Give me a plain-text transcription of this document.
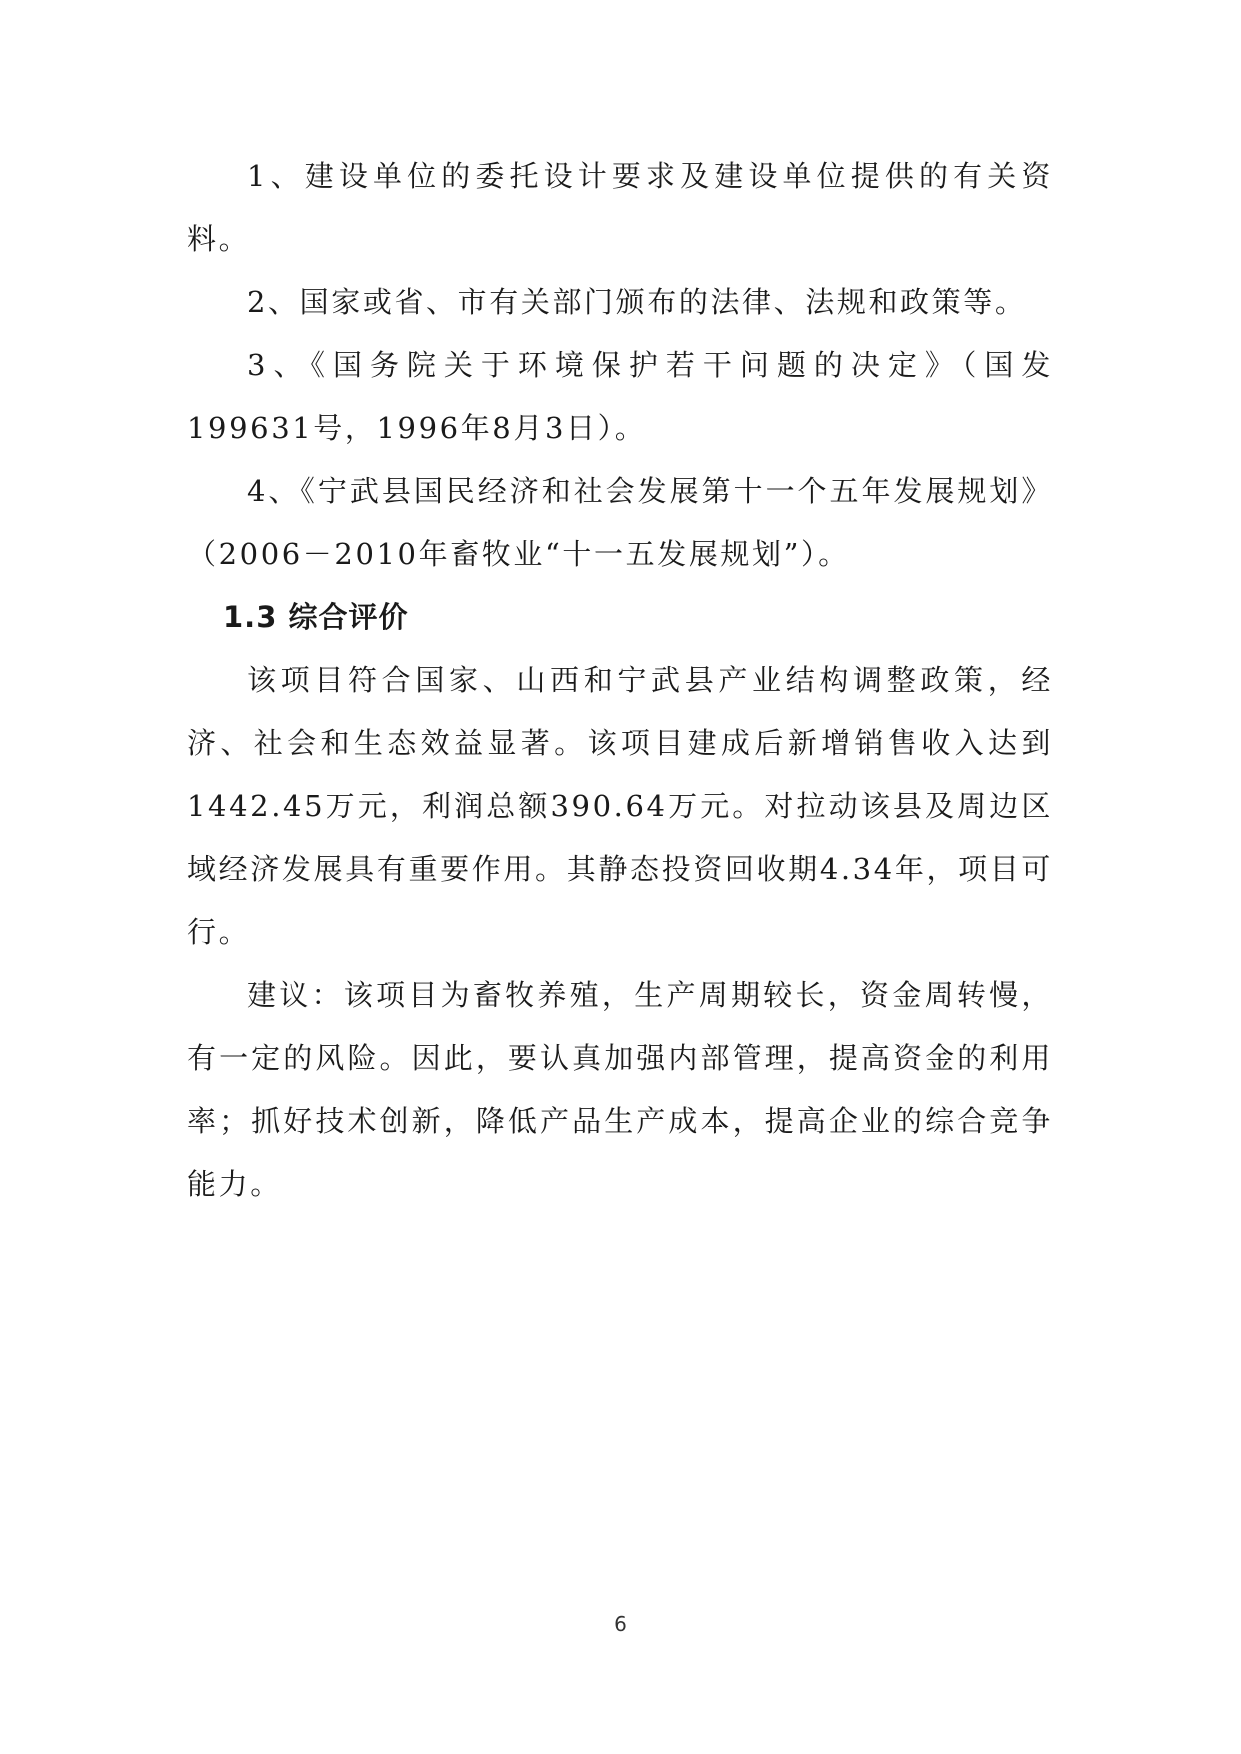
1、建设单位的委托设计要求及建设单位提供的有关资料。

2、国家或省、市有关部门颁布的法律、法规和政策等。

3、《国务院关于环境保护若干问题的决定》（国发199631号，1996年8月3日）。

4、《宁武县国民经济和社会发展第十一个五年发展规划》（2006－2010年畜牧业“十一五发展规划”）。

1.3 综合评价

该项目符合国家、山西和宁武县产业结构调整政策，经济、社会和生态效益显著。该项目建成后新增销售收入达到1442.45万元，利润总额390.64万元。对拉动该县及周边区域经济发展具有重要作用。其静态投资回收期4.34年，项目可行。

建议：该项目为畜牧养殖，生产周期较长，资金周转慢，有一定的风险。因此，要认真加强内部管理，提高资金的利用率；抓好技术创新，降低产品生产成本，提高企业的综合竞争能力。

6
